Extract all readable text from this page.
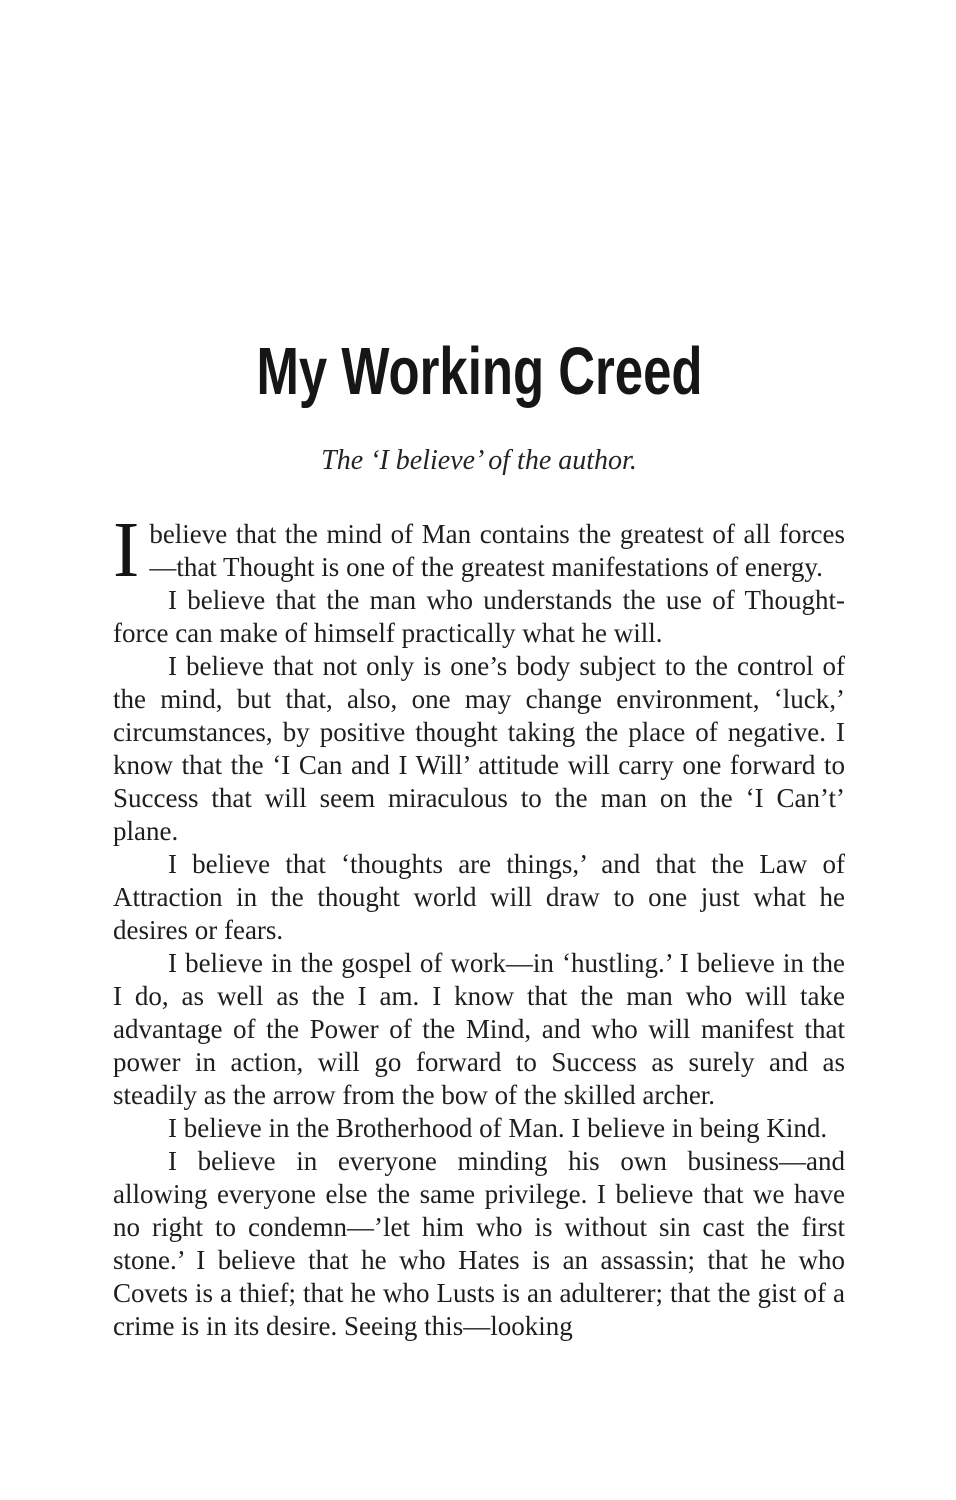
My Working Creed
The ‘I believe’ of the author.

Ibelieve that the mind of Man contains the greatest of all forces—that Thought is one of the greatest manifestations of energy.

I believe that the man who understands the use of Thought-force can make of himself practically what he will.

I believe that not only is one’s body subject to the control of the mind, but that, also, one may change environment, ‘luck,’ circumstances, by positive thought taking the place of negative. I know that the ‘I Can and I Will’ attitude will carry one forward to Success that will seem miraculous to the man on the ‘I Can’t’ plane.

I believe that ‘thoughts are things,’ and that the Law of Attraction in the thought world will draw to one just what he desires or fears.

I believe in the gospel of work—in ‘hustling.’ I believe in the I do, as well as the I am. I know that the man who will take advantage of the Power of the Mind, and who will manifest that power in action, will go forward to Success as surely and as steadily as the arrow from the bow of the skilled archer.

I believe in the Brotherhood of Man. I believe in being Kind.

I believe in everyone minding his own business—and allowing everyone else the same privilege. I believe that we have no right to condemn—’let him who is without sin cast the first stone.’ I believe that he who Hates is an assassin; that he who Covets is a thief; that he who Lusts is an adulterer; that the gist of a crime is in its desire. Seeing this—looking
